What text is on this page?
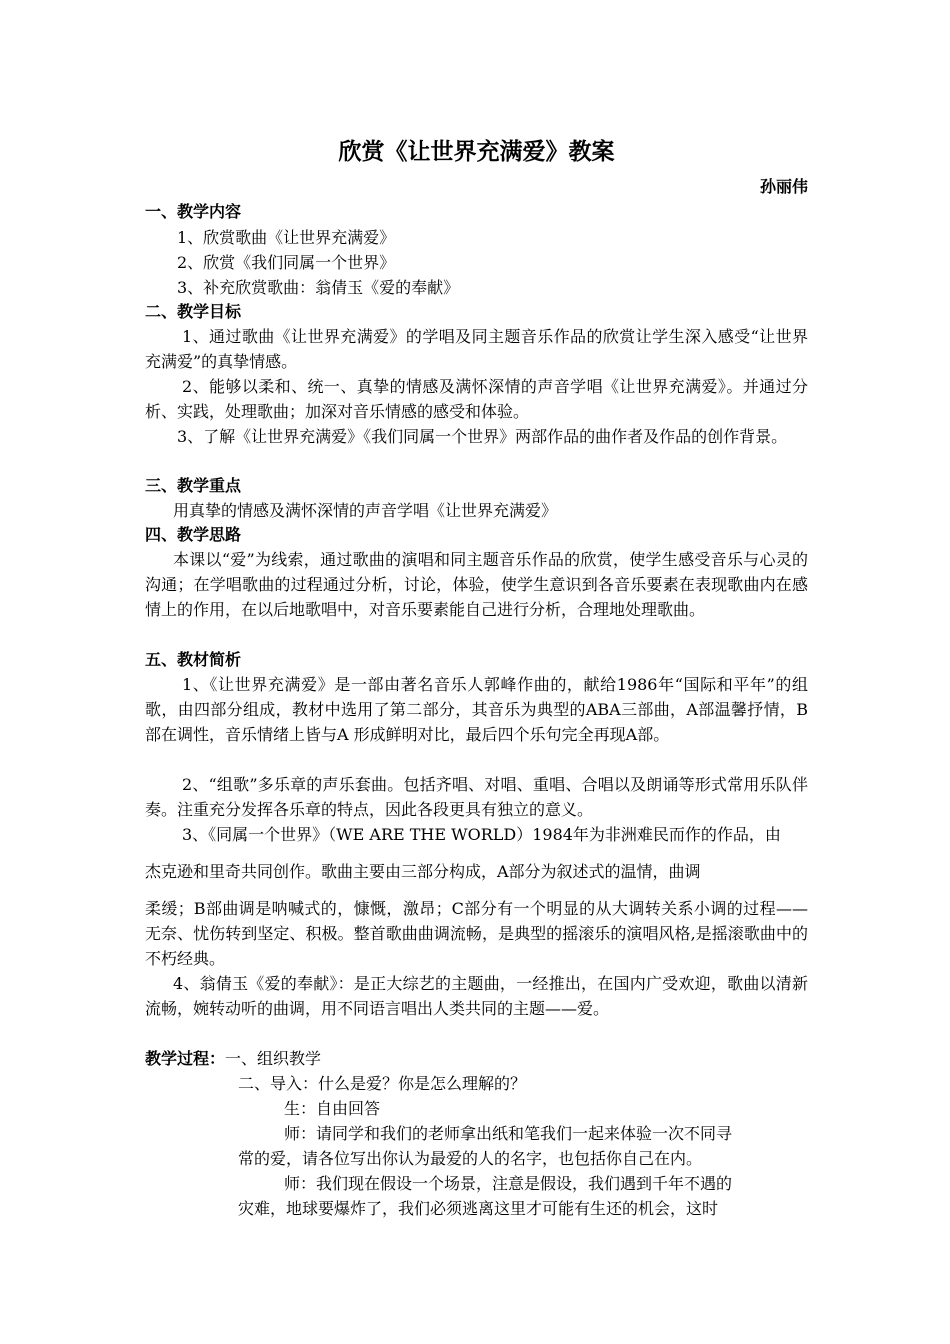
欣赏《让世界充满爱》教案
孙丽伟
一、教学内容
1、欣赏歌曲《让世界充满爱》
2、欣赏《我们同属一个世界》
3、补充欣赏歌曲：翁倩玉《爱的奉献》
二、教学目标
1、通过歌曲《让世界充满爱》的学唱及同主题音乐作品的欣赏让学生深入感受“让世界充满爱”的真挚情感。
2、能够以柔和、统一、真挚的情感及满怀深情的声音学唱《让世界充满爱》。并通过分析、实践，处理歌曲；加深对音乐情感的感受和体验。
3、了解《让世界充满爱》《我们同属一个世界》两部作品的曲作者及作品的创作背景。
三、教学重点
用真挚的情感及满怀深情的声音学唱《让世界充满爱》
四、教学思路
本课以“爱”为线索，通过歌曲的演唱和同主题音乐作品的欣赏，使学生感受音乐与心灵的沟通；在学唱歌曲的过程通过分析，讨论，体验，使学生意识到各音乐要素在表现歌曲内在感情上的作用，在以后地歌唱中，对音乐要素能自己进行分析，合理地处理歌曲。
五、教材简析
1、《让世界充满爱》是一部由著名音乐人郭峰作曲的，献给1986年“国际和平年”的组歌，由四部分组成，教材中选用了第二部分，其音乐为典型的ABA三部曲，A部温馨抒情，B部在调性，音乐情绪上皆与A 形成鲜明对比，最后四个乐句完全再现A部。
2、“组歌”多乐章的声乐套曲。包括齐唱、对唱、重唱、合唱以及朗诵等形式常用乐队伴奏。注重充分发挥各乐章的特点，因此各段更具有独立的意义。
3、《同属一个世界》（WE ARE THE WORLD）1984年为非洲难民而作的作品，由
杰克逊和里奇共同创作。歌曲主要由三部分构成，A部分为叙述式的温情，曲调
柔缓；B部曲调是呐喊式的，慷慨，激昂；C部分有一个明显的从大调转关系小调的过程——无奈、忧伤转到坚定、积极。整首歌曲曲调流畅，是典型的摇滚乐的演唱风格,是摇滚歌曲中的不朽经典。
4、翁倩玉《爱的奉献》：是正大综艺的主题曲，一经推出，在国内广受欢迎，歌曲以清新流畅，婉转动听的曲调，用不同语言唱出人类共同的主题——爱。
教学过程：一、组织教学
二、导入：什么是爱？你是怎么理解的？
生：自由回答
师：请同学和我们的老师拿出纸和笔我们一起来体验一次不同寻
常的爱，请各位写出你认为最爱的人的名字，也包括你自己在内。
师：我们现在假设一个场景，注意是假设，我们遇到千年不遇的
灾难，地球要爆炸了，我们必须逃离这里才可能有生还的机会，这时
